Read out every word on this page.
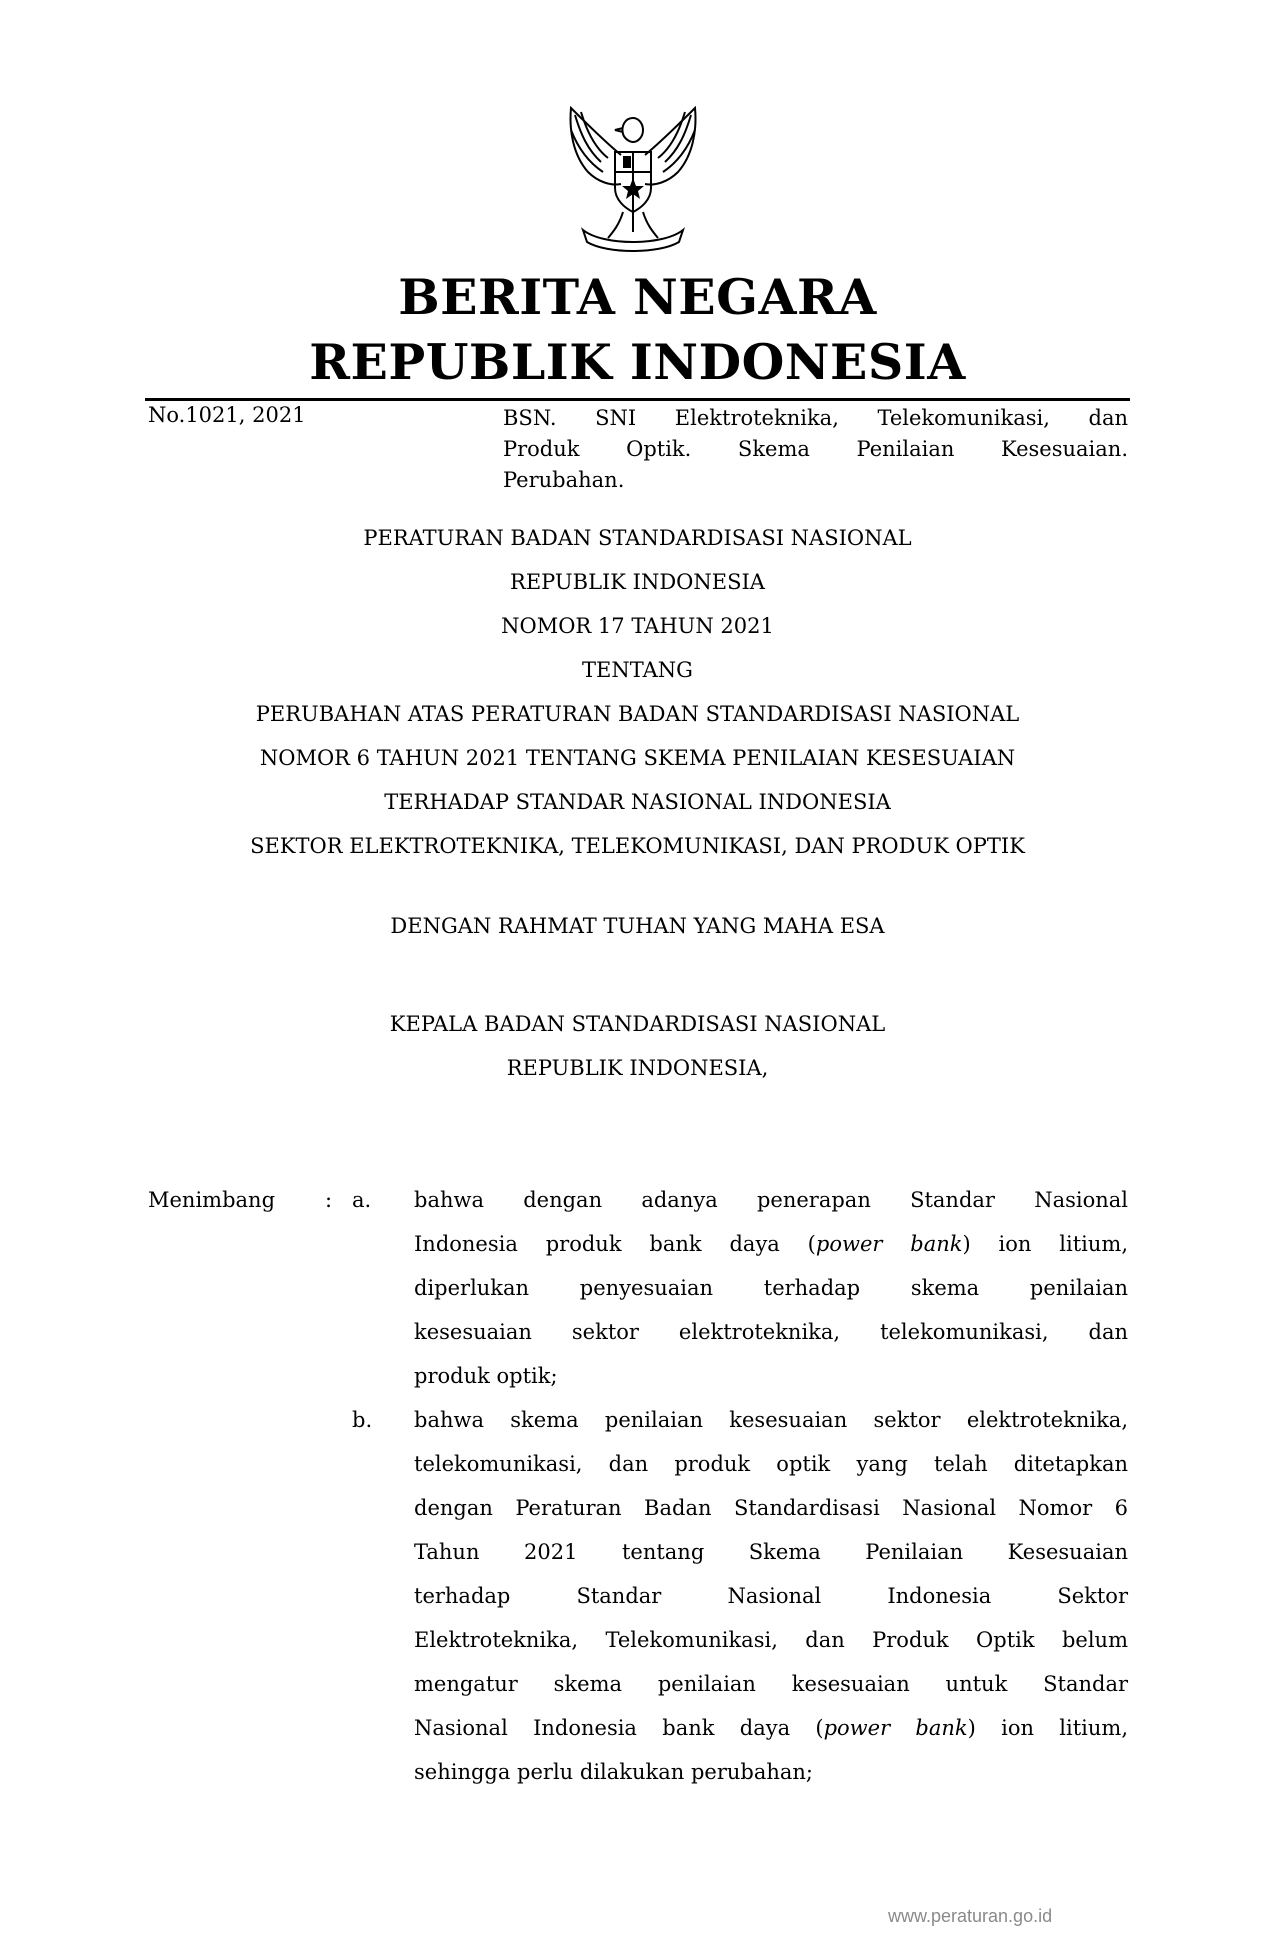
BERITA NEGARA
REPUBLIK INDONESIA
No.1021, 2021	BSN. SNI Elektroteknika, Telekomunikasi, dan
Produk Optik. Skema Penilaian Kesesuaian.
Perubahan.
PERATURAN BADAN STANDARDISASI NASIONAL
REPUBLIK INDONESIA
NOMOR 17 TAHUN 2021
TENTANG
PERUBAHAN ATAS PERATURAN BADAN STANDARDISASI NASIONAL
NOMOR 6 TAHUN 2021 TENTANG SKEMA PENILAIAN KESESUAIAN
TERHADAP STANDAR NASIONAL INDONESIA
SEKTOR ELEKTROTEKNIKA, TELEKOMUNIKASI, DAN PRODUK OPTIK
DENGAN RAHMAT TUHAN YANG MAHA ESA
KEPALA BADAN STANDARDISASI NASIONAL
REPUBLIK INDONESIA,
Menimbang : a. bahwa dengan adanya penerapan Standar Nasional
Indonesia produk bank daya (power bank) ion litium,
diperlukan penyesuaian terhadap skema penilaian
kesesuaian sektor elektroteknika, telekomunikasi, dan
produk optik;
b. bahwa skema penilaian kesesuaian sektor elektroteknika,
telekomunikasi, dan produk optik yang telah ditetapkan
dengan Peraturan Badan Standardisasi Nasional Nomor 6
Tahun 2021 tentang Skema Penilaian Kesesuaian
terhadap Standar Nasional Indonesia Sektor
Elektroteknika, Telekomunikasi, dan Produk Optik belum
mengatur skema penilaian kesesuaian untuk Standar
Nasional Indonesia bank daya (power bank) ion litium,
sehingga perlu dilakukan perubahan;
www.peraturan.go.id
